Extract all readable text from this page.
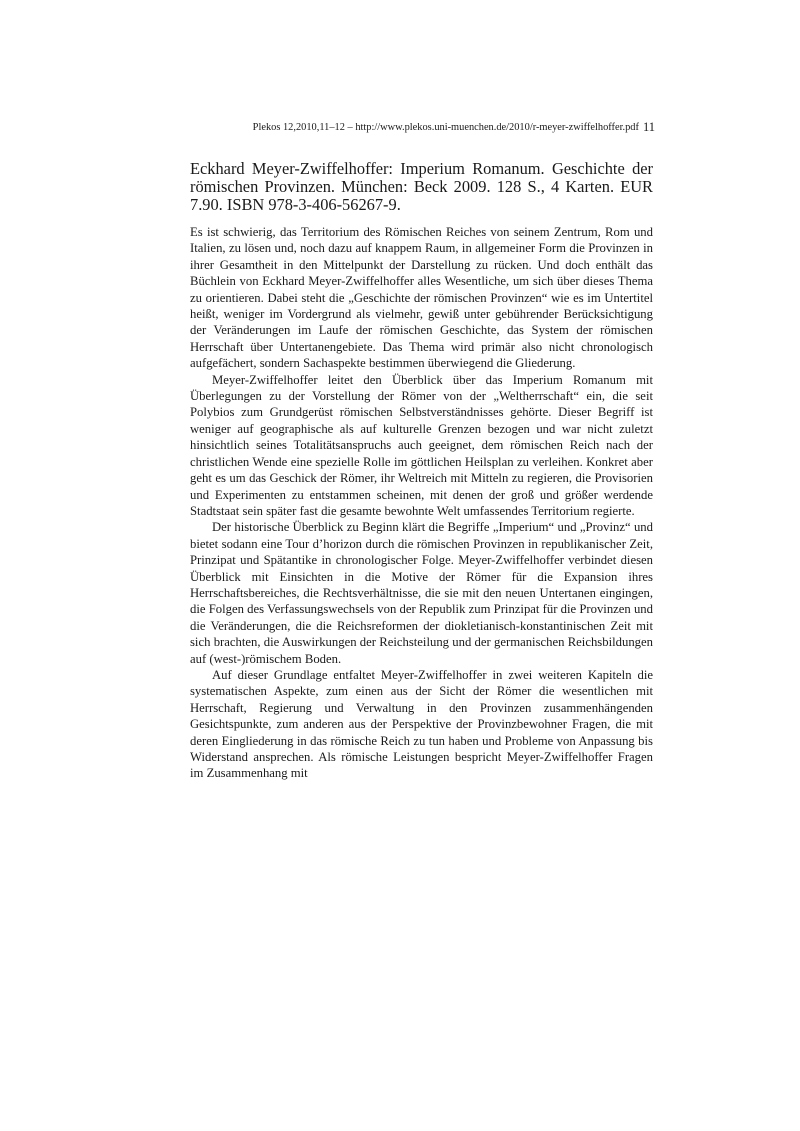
Plekos 12,2010,11–12 – http://www.plekos.uni-muenchen.de/2010/r-meyer-zwiffelhoffer.pdf 11
Eckhard Meyer-Zwiffelhoffer: Imperium Romanum. Geschichte der römischen Provinzen. München: Beck 2009. 128 S., 4 Karten. EUR 7.90. ISBN 978-3-406-56267-9.

Es ist schwierig, das Territorium des Römischen Reiches von seinem Zentrum, Rom und Italien, zu lösen und, noch dazu auf knappem Raum, in allgemeiner Form die Provinzen in ihrer Gesamtheit in den Mittelpunkt der Darstellung zu rücken. Und doch enthält das Büchlein von Eckhard Meyer-Zwiffelhoffer alles Wesentliche, um sich über dieses Thema zu orientieren. Dabei steht die „Geschichte der römischen Provinzen“ wie es im Untertitel heißt, weniger im Vordergrund als vielmehr, gewiß unter gebührender Berücksichtigung der Veränderungen im Laufe der römischen Geschichte, das System der römischen Herrschaft über Untertanengebiete. Das Thema wird primär also nicht chronologisch aufgefächert, sondern Sachaspekte bestimmen überwiegend die Gliederung.

Meyer-Zwiffelhoffer leitet den Überblick über das Imperium Romanum mit Überlegungen zu der Vorstellung der Römer von der „Weltherrschaft“ ein, die seit Polybios zum Grundgerüst römischen Selbstverständnisses gehörte. Dieser Begriff ist weniger auf geographische als auf kulturelle Grenzen bezogen und war nicht zuletzt hinsichtlich seines Totalitätsanspruchs auch geeignet, dem römischen Reich nach der christlichen Wende eine spezielle Rolle im göttlichen Heilsplan zu verleihen. Konkret aber geht es um das Geschick der Römer, ihr Weltreich mit Mitteln zu regieren, die Provisorien und Experimenten zu entstammen scheinen, mit denen der groß und größer werdende Stadtstaat sein später fast die gesamte bewohnte Welt umfassendes Territorium regierte.

Der historische Überblick zu Beginn klärt die Begriffe „Imperium“ und „Provinz“ und bietet sodann eine Tour d’horizon durch die römischen Provinzen in republikanischer Zeit, Prinzipat und Spätantike in chronologischer Folge. Meyer-Zwiffelhoffer verbindet diesen Überblick mit Einsichten in die Motive der Römer für die Expansion ihres Herrschaftsbereiches, die Rechtsverhältnisse, die sie mit den neuen Untertanen eingingen, die Folgen des Verfassungswechsels von der Republik zum Prinzipat für die Provinzen und die Veränderungen, die die Reichsreformen der diokletianisch-konstantinischen Zeit mit sich brachten, die Auswirkungen der Reichsteilung und der germanischen Reichsbildungen auf (west-)römischem Boden.

Auf dieser Grundlage entfaltet Meyer-Zwiffelhoffer in zwei weiteren Kapiteln die systematischen Aspekte, zum einen aus der Sicht der Römer die wesentlichen mit Herrschaft, Regierung und Verwaltung in den Provinzen zusammenhängenden Gesichtspunkte, zum anderen aus der Perspektive der Provinzbewohner Fragen, die mit deren Eingliederung in das römische Reich zu tun haben und Probleme von Anpassung bis Widerstand ansprechen. Als römische Leistungen bespricht Meyer-Zwiffelhoffer Fragen im Zusammenhang mit
